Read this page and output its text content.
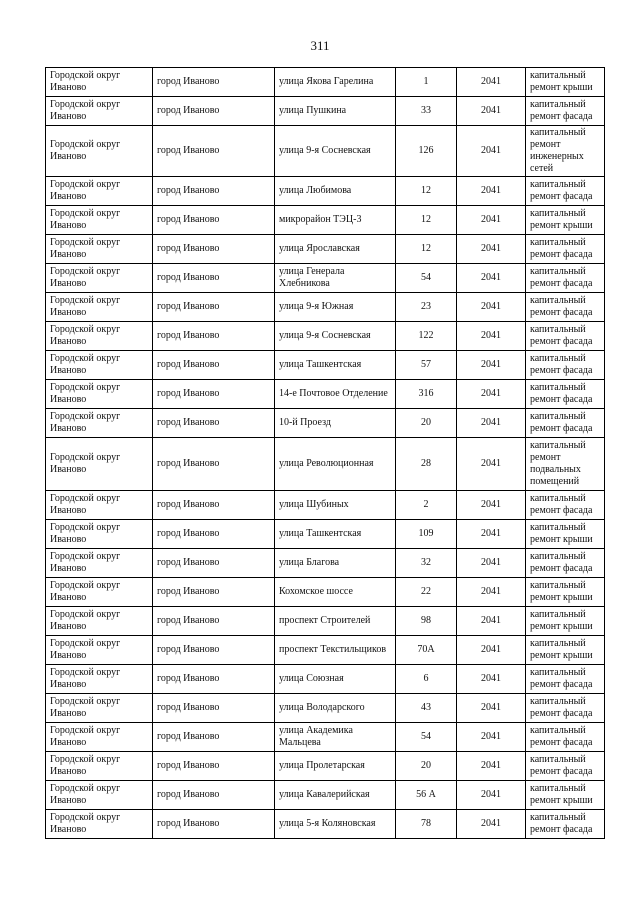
311
Городской округ Иваново	город Иваново	улица Якова Гарелина	1	2041	капитальный ремонт крыши
Городской округ Иваново	город Иваново	улица Пушкина	33	2041	капитальный ремонт фасада
Городской округ Иваново	город Иваново	улица 9-я Сосневская	126	2041	капитальный ремонт инженерных сетей
Городской округ Иваново	город Иваново	улица Любимова	12	2041	капитальный ремонт фасада
Городской округ Иваново	город Иваново	микрорайон ТЭЦ-3	12	2041	капитальный ремонт крыши
Городской округ Иваново	город Иваново	улица Ярославская	12	2041	капитальный ремонт фасада
Городской округ Иваново	город Иваново	улица Генерала Хлебникова	54	2041	капитальный ремонт фасада
Городской округ Иваново	город Иваново	улица 9-я Южная	23	2041	капитальный ремонт фасада
Городской округ Иваново	город Иваново	улица 9-я Сосневская	122	2041	капитальный ремонт фасада
Городской округ Иваново	город Иваново	улица Ташкентская	57	2041	капитальный ремонт фасада
Городской округ Иваново	город Иваново	14-е Почтовое Отделение	316	2041	капитальный ремонт фасада
Городской округ Иваново	город Иваново	10-й Проезд	20	2041	капитальный ремонт фасада
Городской округ Иваново	город Иваново	улица Революционная	28	2041	капитальный ремонт подвальных помещений
Городской округ Иваново	город Иваново	улица Шубиных	2	2041	капитальный ремонт фасада
Городской округ Иваново	город Иваново	улица Ташкентская	109	2041	капитальный ремонт крыши
Городской округ Иваново	город Иваново	улица Благова	32	2041	капитальный ремонт фасада
Городской округ Иваново	город Иваново	Кохомское шоссе	22	2041	капитальный ремонт крыши
Городской округ Иваново	город Иваново	проспект Строителей	98	2041	капитальный ремонт крыши
Городской округ Иваново	город Иваново	проспект Текстильщиков	70А	2041	капитальный ремонт крыши
Городской округ Иваново	город Иваново	улица Союзная	6	2041	капитальный ремонт фасада
Городской округ Иваново	город Иваново	улица Володарского	43	2041	капитальный ремонт фасада
Городской округ Иваново	город Иваново	улица Академика Мальцева	54	2041	капитальный ремонт фасада
Городской округ Иваново	город Иваново	улица Пролетарская	20	2041	капитальный ремонт фасада
Городской округ Иваново	город Иваново	улица Кавалерийская	56 А	2041	капитальный ремонт крыши
Городской округ Иваново	город Иваново	улица 5-я Коляновская	78	2041	капитальный ремонт фасада
